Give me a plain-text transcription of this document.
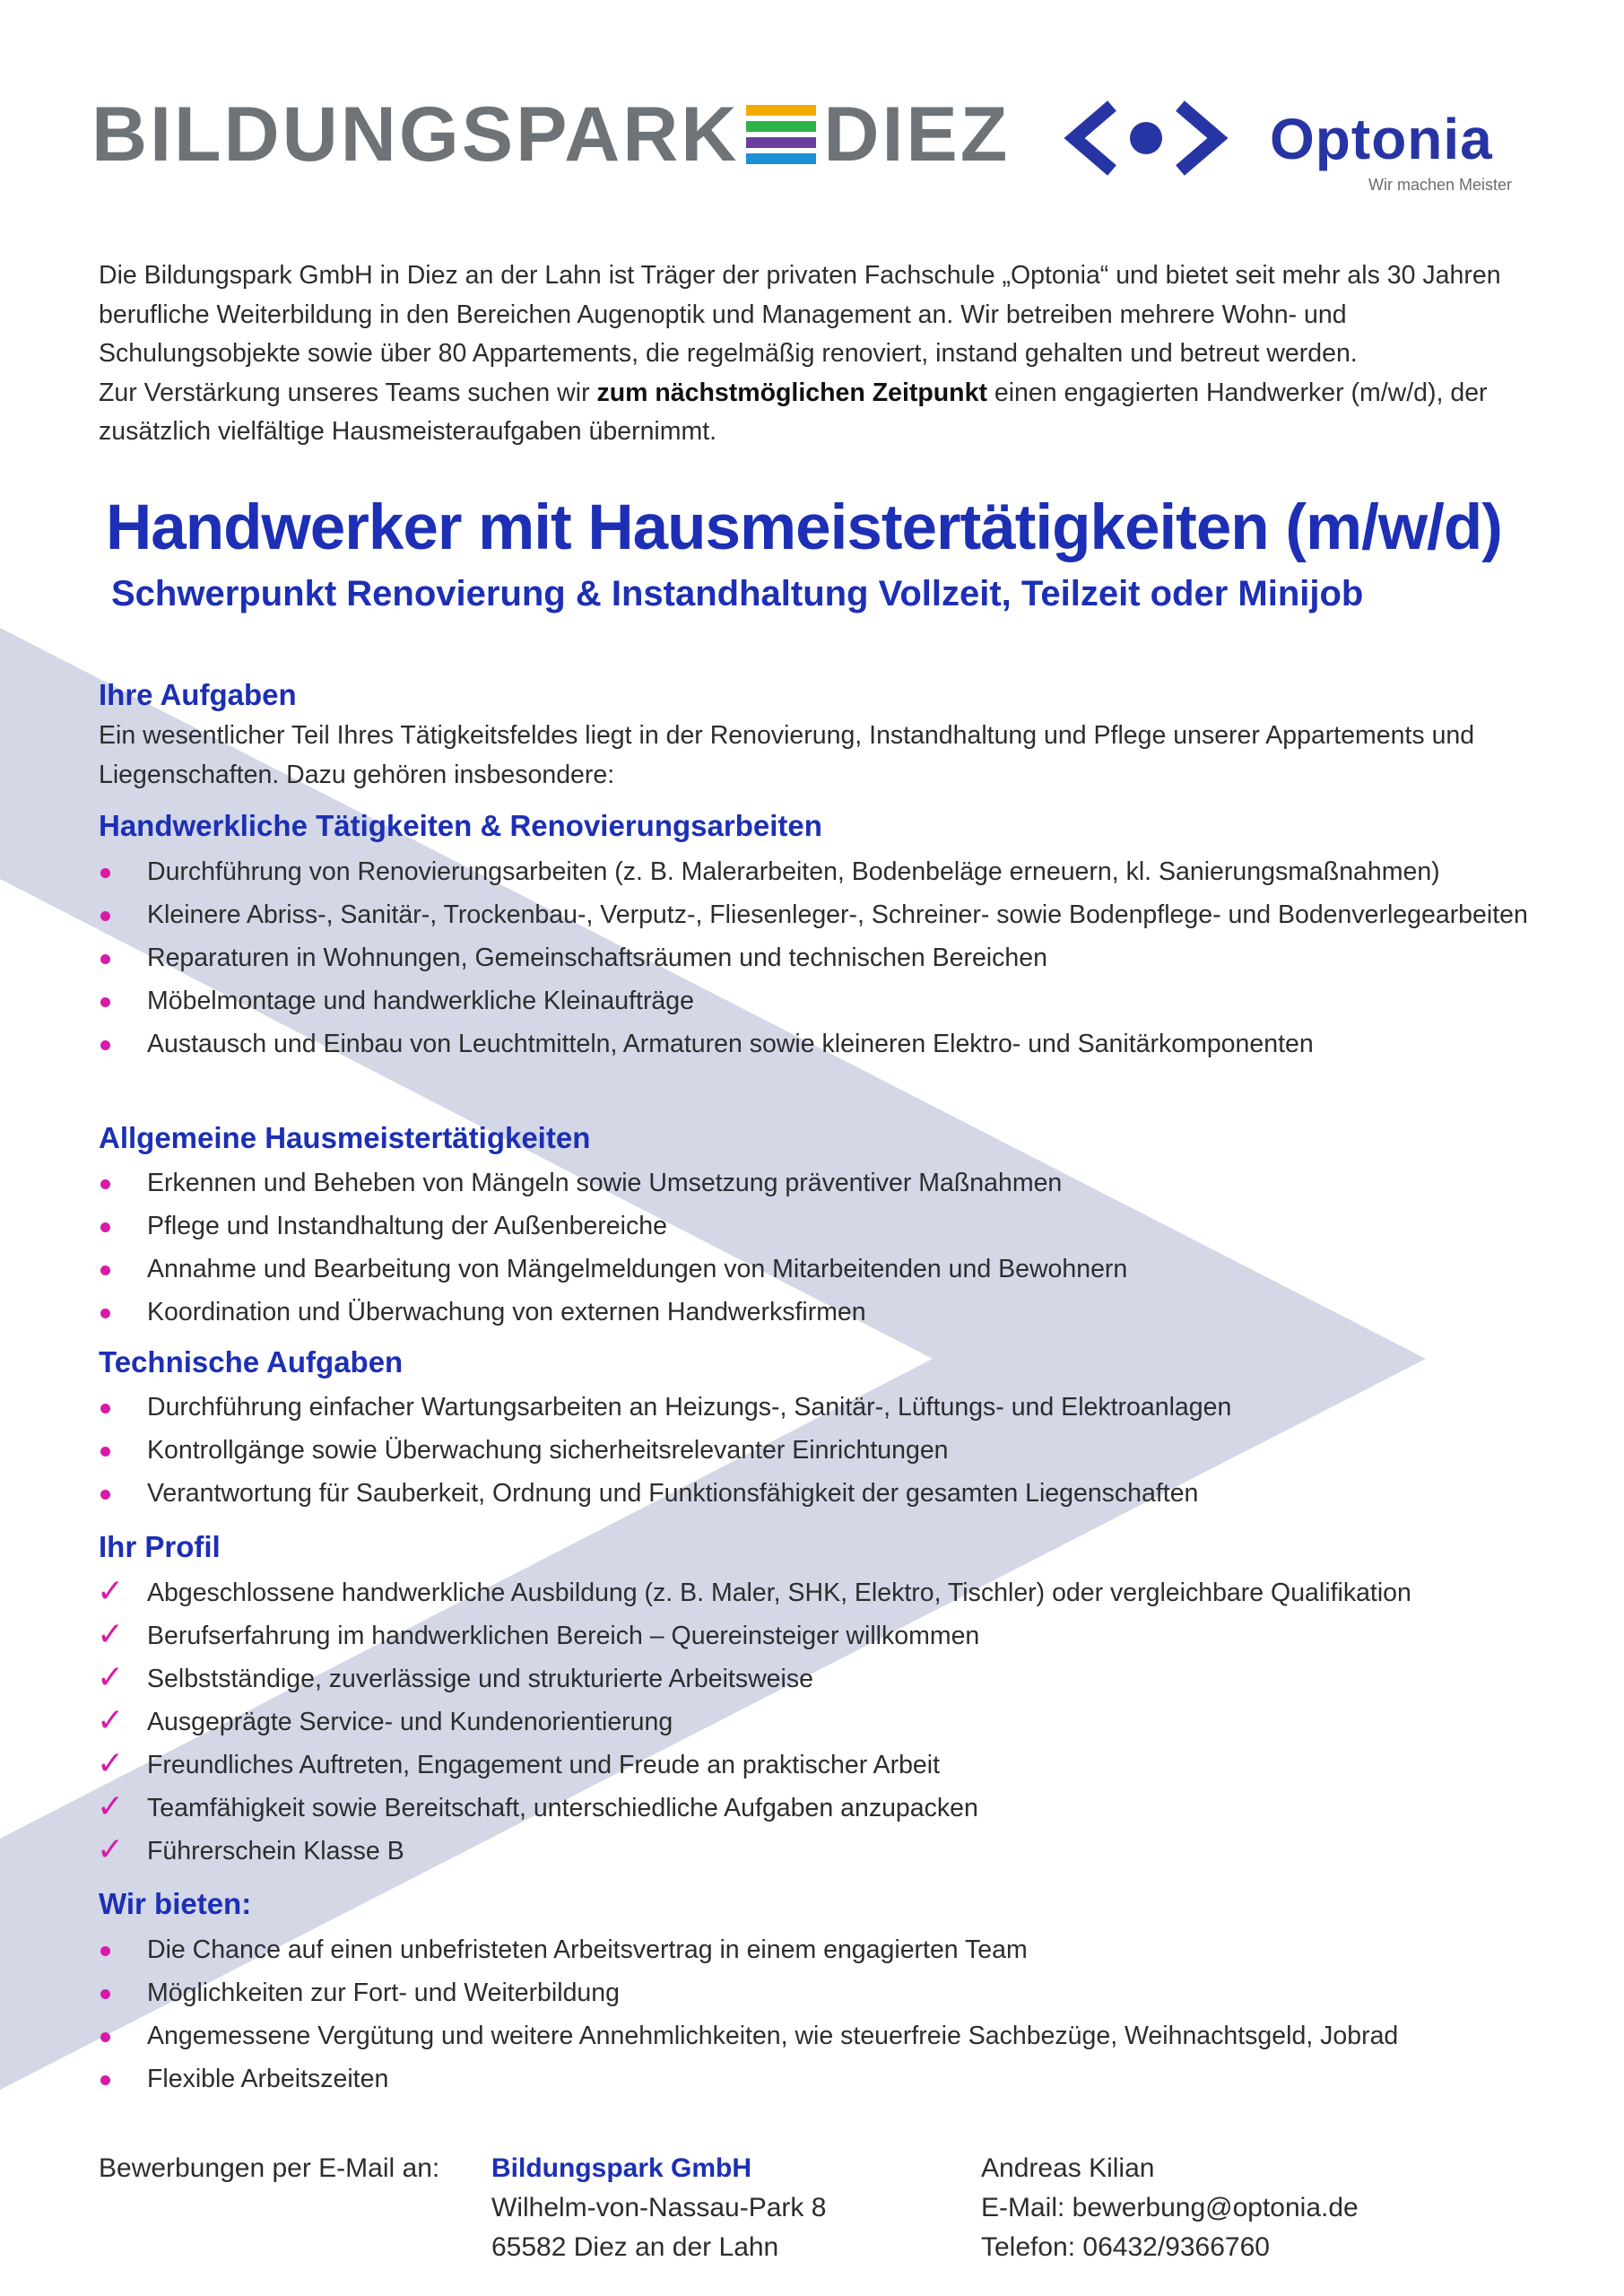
BILDUNGSPARK DIEZ	Optonia
Wir machen Meister

Die Bildungspark GmbH in Diez an der Lahn ist Träger der privaten Fachschule „Optonia“ und bietet seit mehr als 30 Jahren berufliche Weiterbildung in den Bereichen Augenoptik und Management an. Wir betreiben mehrere Wohn- und Schulungsobjekte sowie über 80 Appartements, die regelmäßig renoviert, instand gehalten und betreut werden.

Zur Verstärkung unseres Teams suchen wir zum nächstmöglichen Zeitpunkt einen engagierten Handwerker (m/w/d), der zusätzlich vielfältige Hausmeisteraufgaben übernimmt.

Handwerker mit Hausmeistertätigkeiten (m/w/d)
Schwerpunkt Renovierung & Instandhaltung Vollzeit, Teilzeit oder Minijob
Ihre Aufgaben
Ein wesentlicher Teil Ihres Tätigkeitsfeldes liegt in der Renovierung, Instandhaltung und Pflege unserer Appartements und Liegenschaften. Dazu gehören insbesondere:
Handwerkliche Tätigkeiten & Renovierungsarbeiten
Durchführung von Renovierungsarbeiten (z. B. Malerarbeiten, Bodenbeläge erneuern, kl. Sanierungsmaßnahmen)
Kleinere Abriss-, Sanitär-, Trockenbau-, Verputz-, Fliesenleger-, Schreiner- sowie Bodenpflege- und Bodenverlegearbeiten
Reparaturen in Wohnungen, Gemeinschaftsräumen und technischen Bereichen
Möbelmontage und handwerkliche Kleinaufträge
Austausch und Einbau von Leuchtmitteln, Armaturen sowie kleineren Elektro- und Sanitärkomponenten
Allgemeine Hausmeistertätigkeiten
Erkennen und Beheben von Mängeln sowie Umsetzung präventiver Maßnahmen
Pflege und Instandhaltung der Außenbereiche
Annahme und Bearbeitung von Mängelmeldungen von Mitarbeitenden und Bewohnern
Koordination und Überwachung von externen Handwerksfirmen
Technische Aufgaben
Durchführung einfacher Wartungsarbeiten an Heizungs-, Sanitär-, Lüftungs- und Elektroanlagen
Kontrollgänge sowie Überwachung sicherheitsrelevanter Einrichtungen
Verantwortung für Sauberkeit, Ordnung und Funktionsfähigkeit der gesamten Liegenschaften
Ihr Profil
✓ Abgeschlossene handwerkliche Ausbildung (z. B. Maler, SHK, Elektro, Tischler) oder vergleichbare Qualifikation
✓ Berufserfahrung im handwerklichen Bereich – Quereinsteiger willkommen
✓ Selbstständige, zuverlässige und strukturierte Arbeitsweise
✓ Ausgeprägte Service- und Kundenorientierung
✓ Freundliches Auftreten, Engagement und Freude an praktischer Arbeit
✓ Teamfähigkeit sowie Bereitschaft, unterschiedliche Aufgaben anzupacken
✓ Führerschein Klasse B
Wir bieten:
Die Chance auf einen unbefristeten Arbeitsvertrag in einem engagierten Team
Möglichkeiten zur Fort- und Weiterbildung
Angemessene Vergütung und weitere Annehmlichkeiten, wie steuerfreie Sachbezüge, Weihnachtsgeld, Jobrad
Flexible Arbeitszeiten
Bewerbungen per E-Mail an: Bildungspark GmbH
Wilhelm-von-Nassau-Park 8
65582 Diez an der Lahn
Andreas Kilian
E-Mail: bewerbung@optonia.de
Telefon: 06432/9366760
